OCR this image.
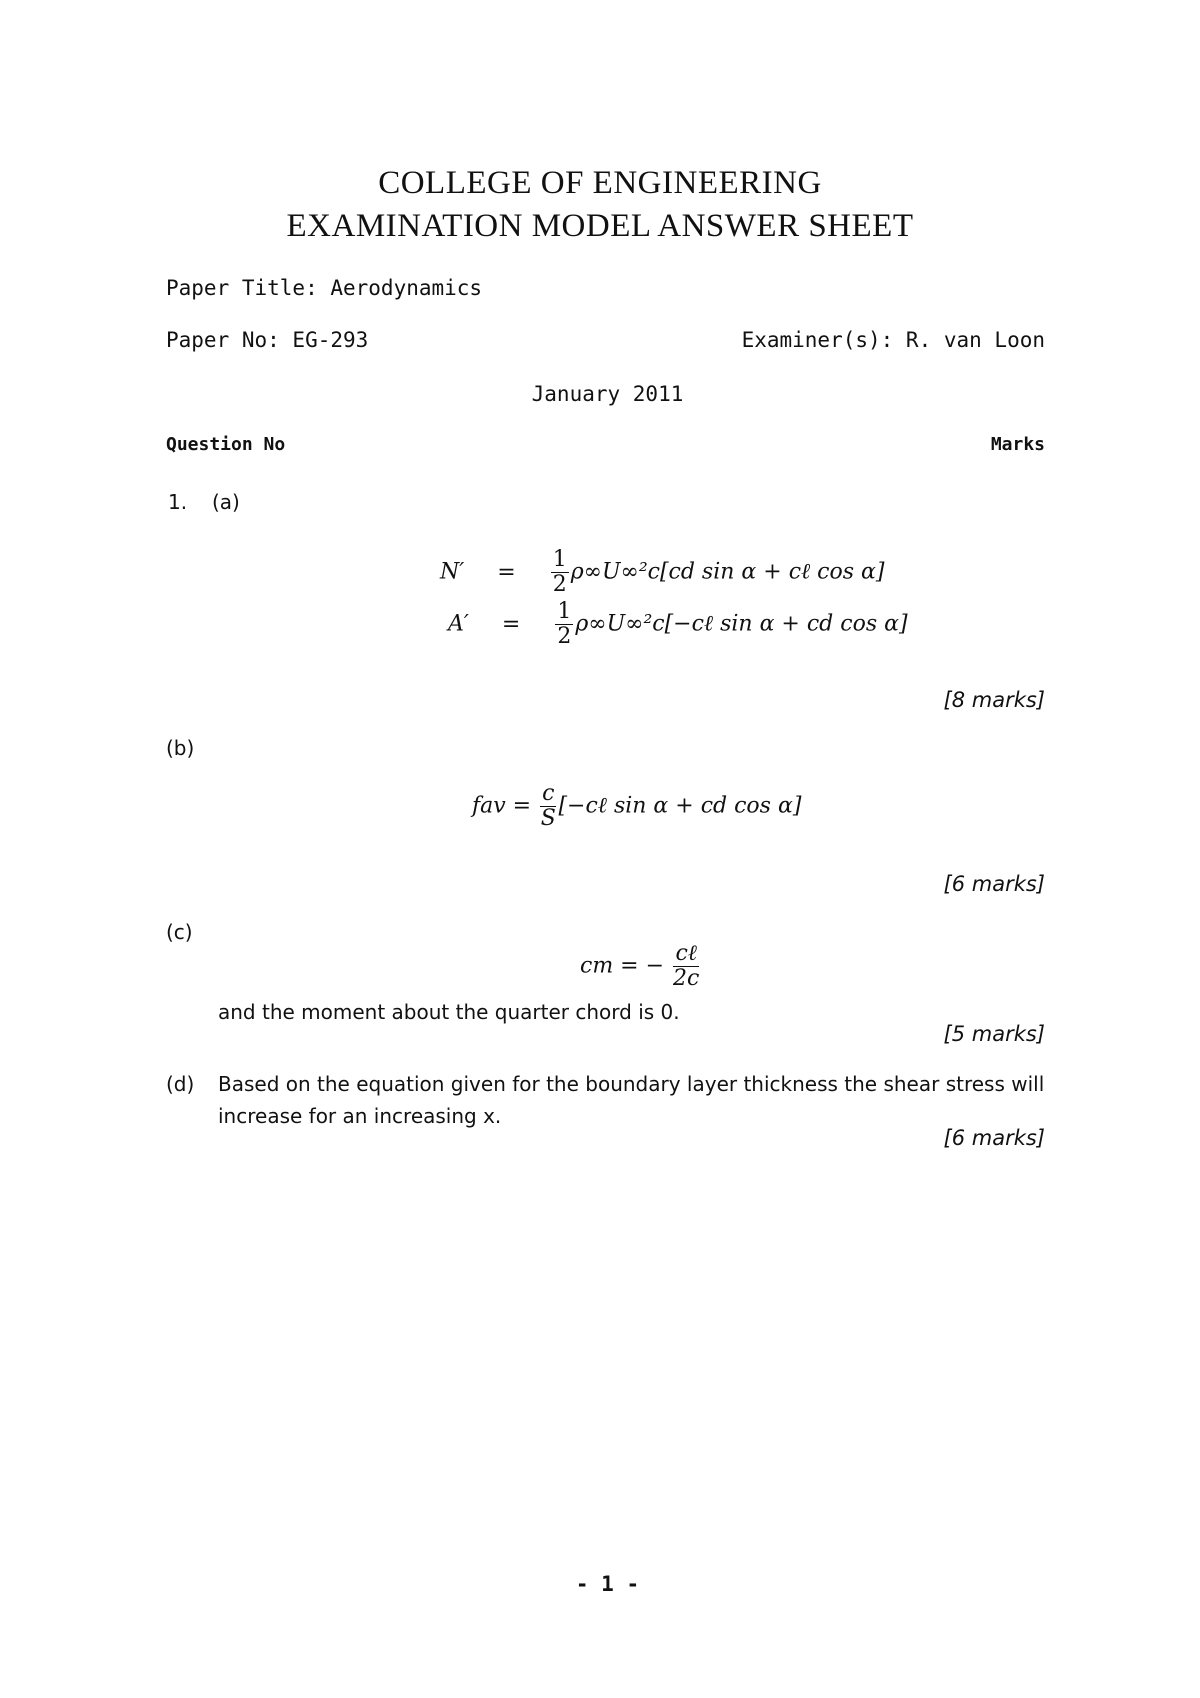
COLLEGE OF ENGINEERING
EXAMINATION MODEL ANSWER SHEET
Paper Title: Aerodynamics
Paper No: EG-293	Examiner(s): R. van Loon
January 2011
Question No	Marks
1. (a)
$N' = \frac{1}{2} \rho\infty U\infty^2c[cd$ sin α + cℓ cos α]
$A' = \frac{1}{2}$ ρ∞U∞²c[−cℓ sin α + cd cos α]
[8 marks]
(b)
fav = $\frac{c}{S}$ [−cℓ sin α + cd cos α]
[6 marks]
(c)
cm = − $\frac{\text{cℓ}}{2c}$
and the moment about the quarter chord is 0.
[5 marks]
(d) Based on the equation given for the boundary layer thickness the shear stress will
increase for an increasing x.
[6 marks]
- 1 -
